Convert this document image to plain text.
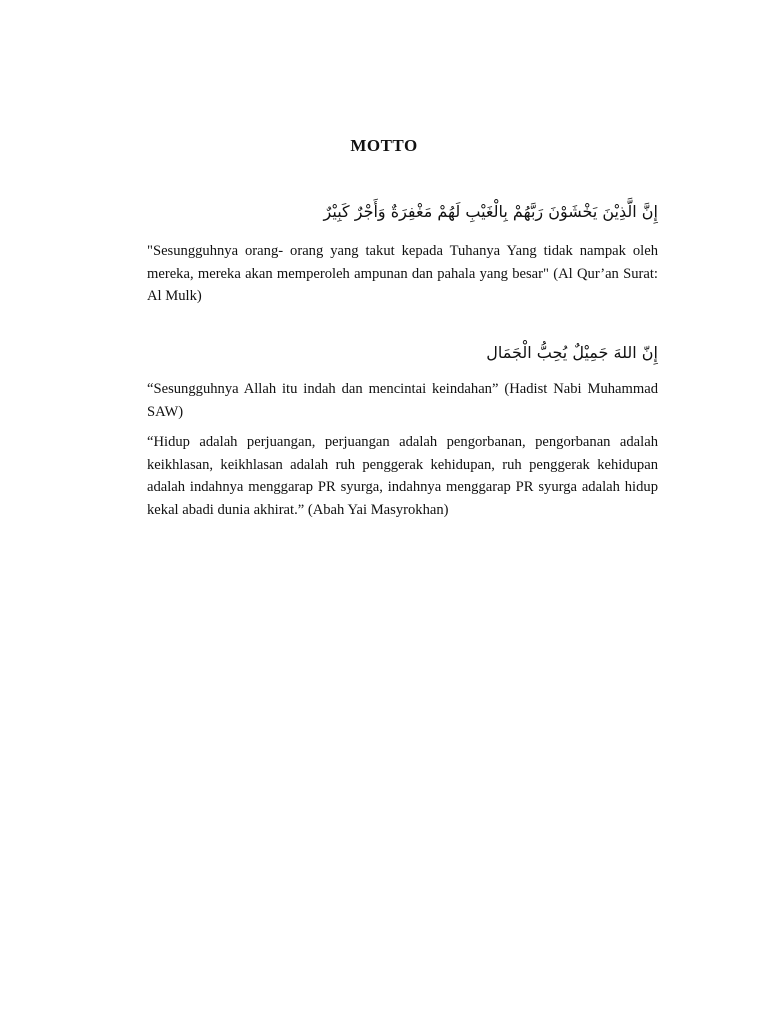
MOTTO
إِنَّ الَّذِيْنَ يَخْشَوْنَ رَبَّهُمْ بِالْغَيْبِ لَهُمْ مَغْفِرَةٌ وَأَجْرٌ كَبِيْرٌ
"Sesungguhnya orang- orang yang takut kepada Tuhanya Yang tidak nampak oleh mereka, mereka akan memperoleh ampunan dan pahala yang besar" (Al Qur’an Surat: Al Mulk)
إِنّ اللهَ جَمِيْلٌ يُحِبُّ الْجَمَال
“Sesungguhnya Allah itu indah dan mencintai keindahan” (Hadist Nabi Muhammad SAW)
“Hidup adalah perjuangan, perjuangan adalah pengorbanan, pengorbanan adalah keikhlasan, keikhlasan adalah ruh penggerak kehidupan, ruh penggerak kehidupan adalah indahnya menggarap PR syurga, indahnya menggarap PR syurga adalah hidup kekal abadi dunia akhirat.” (Abah Yai Masyrokhan)
